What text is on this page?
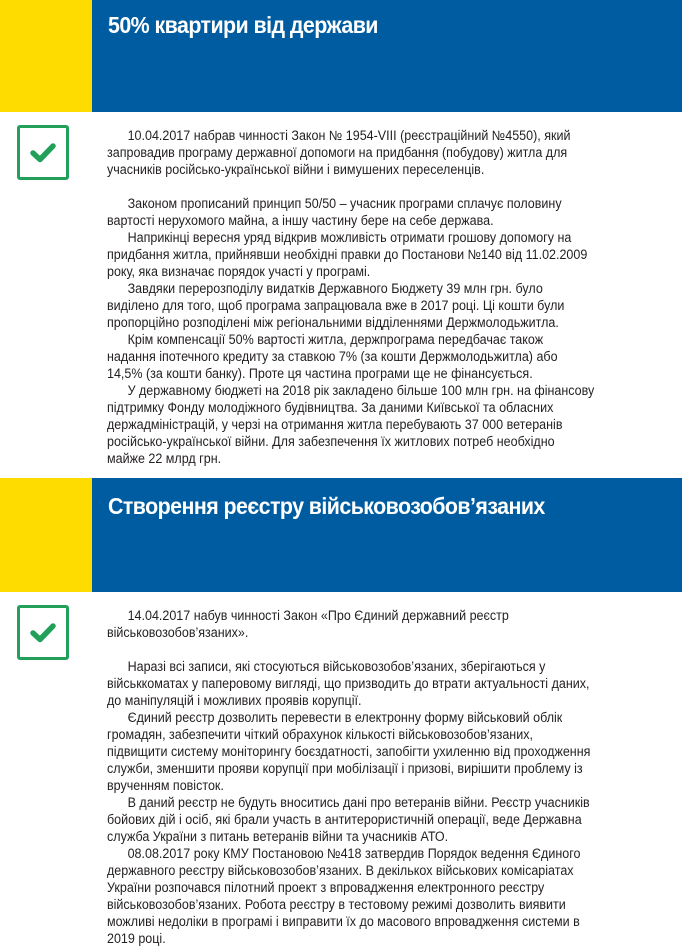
50% квартири від держави

10.04.2017 набрав чинності Закон № 1954-VIII (реєстраційний №4550), який запровадив програму державної допомоги на придбання (побудову) житла для учасників російсько-української війни і вимушених переселенців.

Законом прописаний принцип 50/50 – учасник програми сплачує половину вартості нерухомого майна, а іншу частину бере на себе держава.

Наприкінці вересня уряд відкрив можливість отримати грошову допомогу на придбання житла, прийнявши необхідні правки до Постанови №140 від 11.02.2009 року, яка визначає порядок участі у програмі.

Завдяки перерозподілу видатків Державного Бюджету 39 млн грн. було виділено для того, щоб програма запрацювала вже в 2017 році. Ці кошти були пропорційно розподілені між регіональними відділеннями Держмолодьжитла.

Крім компенсації 50% вартості житла, держпрограма передбачає також надання іпотечного кредиту за ставкою 7% (за кошти Держмолодьжитла) або 14,5% (за кошти банку). Проте ця частина програми ще не фінансується.

У державному бюджеті на 2018 рік закладено більше 100 млн грн. на фінансову підтримку Фонду молодіжного будівництва. За даними Київської та обласних держадміністрацій, у черзі на отримання житла перебувають 37 000 ветеранів російсько-української війни. Для забезпечення їх житлових потреб необхідно майже 22 млрд грн.

Створення реєстру військовозобов’язаних

14.04.2017 набув чинності Закон «Про Єдиний державний реєстр військовозобов’язаних».

Наразі всі записи, які стосуються військовозобов’язаних, зберігаються у військкоматах у паперовому вигляді, що призводить до втрати актуальності даних, до маніпуляцій і можливих проявів корупції.

Єдиний реєстр дозволить перевести в електронну форму військовий облік громадян, забезпечити чіткий обрахунок кількості військовозобов’язаних, підвищити систему моніторингу боєздатності, запобігти ухиленню від проходження служби, зменшити прояви корупції при мобілізації і призові, вирішити проблему із врученням повісток.

В даний реєстр не будуть вноситись дані про ветеранів війни. Реєстр учасників бойових дій і осіб, які брали участь в антитерористичній операції, веде Державна служба України з питань ветеранів війни та учасників АТО.

08.08.2017 року КМУ Постановою №418 затвердив Порядок ведення Єдиного державного реєстру військовозобов’язаних. В декількох військових комісаріатах України розпочався пілотний проект з впровадження електронного реєстру військовозобов’язаних. Робота реєстру в тестовому режимі дозволить виявити можливі недоліки в програмі і виправити їх до масового впровадження системи в 2019 році.
